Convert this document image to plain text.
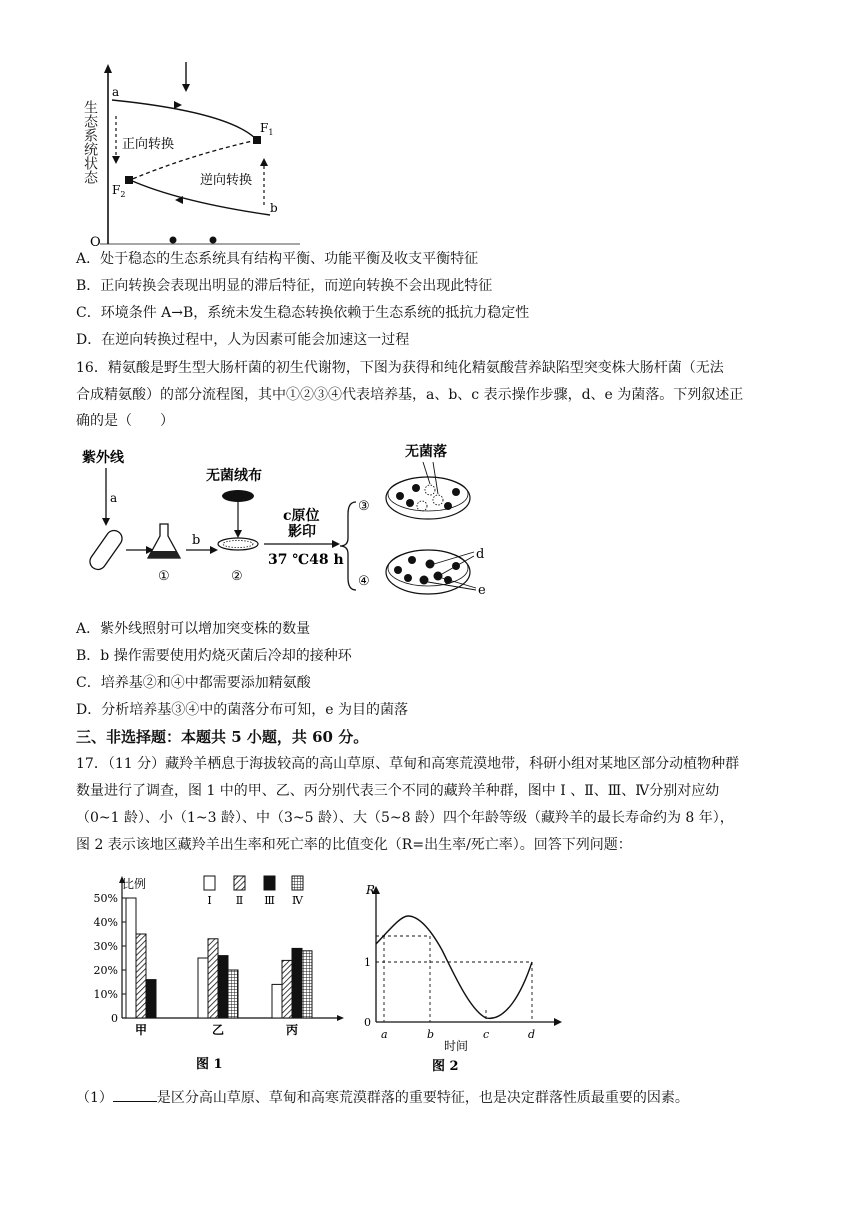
a
b
$F_1$
$F_2$
正向转换
逆向转换
O
生态系统状态
A．处于稳态的生态系统具有结构平衡、功能平衡及收支平衡特征
B．正向转换会表现出明显的滞后特征，而逆向转换不会出现此特征
C．环境条件 A→B，系统未发生稳态转换依赖于生态系统的抵抗力稳定性
D．在逆向转换过程中，人为因素可能会加速这一过程
16．精氨酸是野生型大肠杆菌的初生代谢物，下图为获得和纯化精氨酸营养缺陷型突变株大肠杆菌（无法
合成精氨酸）的部分流程图，其中①②③④代表培养基，a、b、c 表示操作步骤，d、e 为菌落。下列叙述正
确的是（　　）
紫外线
a
b
无菌绒布
c原位
影印
37 ℃48 h
无菌落
①	②
③
④
d
e
A．紫外线照射可以增加突变株的数量
B．b 操作需要使用灼烧灭菌后冷却的接种环
C．培养基②和④中都需要添加精氨酸
D．分析培养基③④中的菌落分布可知，e 为目的菌落
三、非选择题：本题共 5 小题，共 60 分。
17．（11 分）藏羚羊栖息于海拔较高的高山草原、草甸和高寒荒漠地带，科研小组对某地区部分动植物种群
数量进行了调查，图 1 中的甲、乙、丙分别代表三个不同的藏羚羊种群，图中 Ⅰ 、Ⅱ、Ⅲ、Ⅳ分别对应幼
（0~1 龄）、小（1~3 龄）、中（3~5 龄）、大（5~8 龄）四个年龄等级（藏羚羊的最长寿命约为 8 年），
图 2 表示该地区藏羚羊出生率和死亡率的比值变化（R=出生率/死亡率）。回答下列问题：
0
10%
20%
30%
40%
50%
甲	乙	丙
Ⅰ Ⅱ Ⅲ Ⅳ
比例
图 1
R
1
0
a	b	c	d
时间
图 2
（1）	是区分高山草原、草甸和高寒荒漠群落的重要特征，也是决定群落性质最重要的因素。
